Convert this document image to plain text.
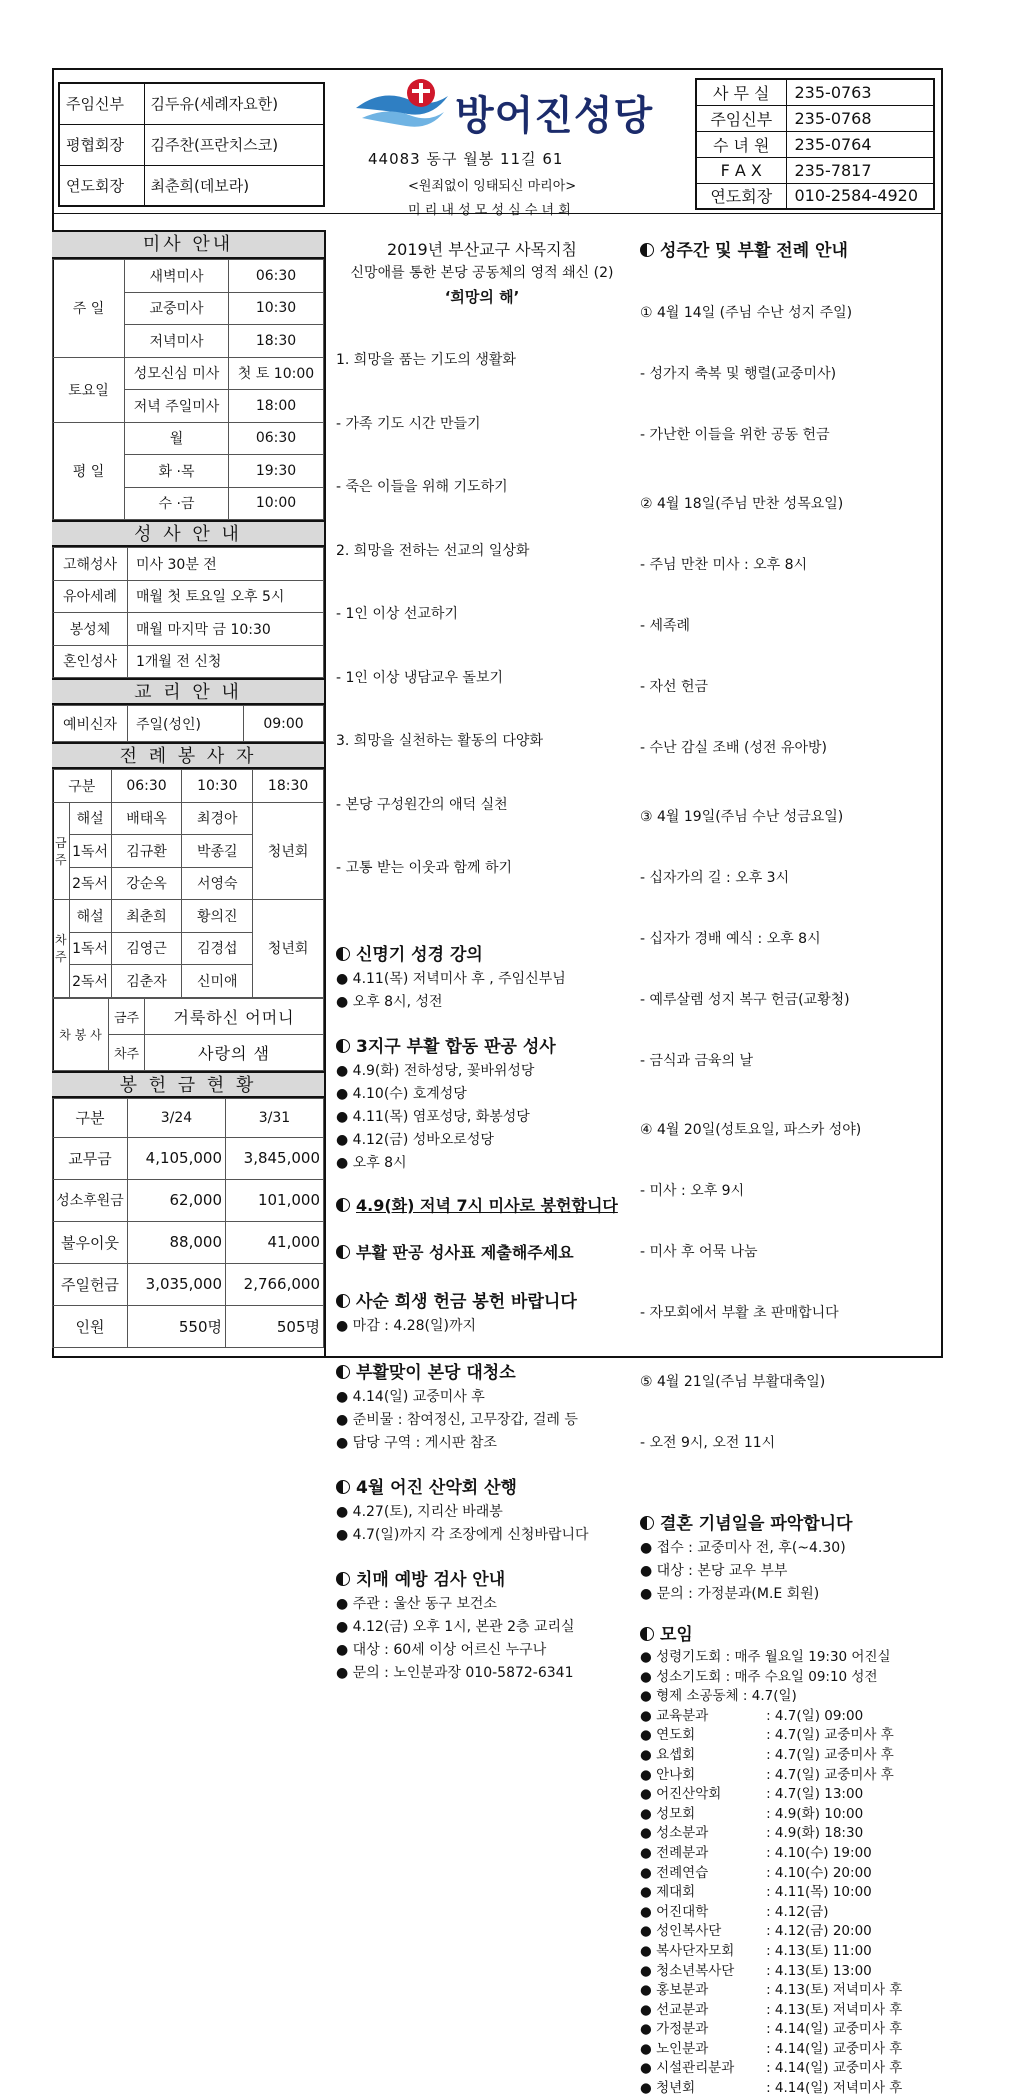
주임신부	김두유(세례자요한)
평협회장	김주찬(프란치스코)
연도회장	최춘희(데보라)
방어진성당
44083 동구 월봉 11길 61
<원죄없이 잉태되신 마리아>
미 리 내 성 모 성 심 수 녀 회
사 무 실	235-0763
주임신부	235-0768
수 녀 원	235-0764
F A X	235-7817
연도회장	010-2584-4920
미사 안내
주 일	새벽미사	06:30
	교중미사	10:30
	저녁미사	18:30
토요일	성모신심 미사	첫 토 10:00
	저녁 주일미사	18:00
평 일	월	06:30
	화 ·목	19:30
	수 ·금	10:00
성 사 안 내
고해성사	미사 30분 전
유아세례	매월 첫 토요일 오후 5시
봉성체	매월 마지막 금 10:30
혼인성사	1개월 전 신청
교 리 안 내
예비신자	주일(성인)	09:00
전 례 봉 사 자
구분		06:30	10:30	18:30
금 주	해설	배태옥	최경아	청년회
	1독서	김규환	박종길	
	2독서	강순옥	서영숙	
차 주	해설	최춘희	황의진	청년회
	1독서	김영근	김경섭	
	2독서	김춘자	신미애	
차 봉 사	금주	거룩하신 어머니
	차주	사랑의 샘
봉 헌 금 현 황
구분	3/24	3/31
교무금	4,105,000	3,845,000
성소후원금	62,000	101,000
불우이웃	88,000	41,000
주일헌금	3,035,000	2,766,000
인원	550명	505명
2019년 부산교구 사목지침
신망애를 통한 본당 공동체의 영적 쇄신 (2)
‘희망의 해’

1. 희망을 품는 기도의 생활화

- 가족 기도 시간 만들기

- 죽은 이들을 위해 기도하기

2. 희망을 전하는 선교의 일상화

- 1인 이상 선교하기

- 1인 이상 냉담교우 돌보기

3. 희망을 실천하는 활동의 다양화

- 본당 구성원간의 애덕 실천

- 고통 받는 이웃과 함께 하기

신명기 성경 강의
● 4.11(목) 저녁미사 후 , 주임신부님
● 오후 8시, 성전
3지구 부활 합동 판공 성사
● 4.9(화) 전하성당, 꽃바위성당
● 4.10(수) 호계성당
● 4.11(목) 염포성당, 화봉성당
● 4.12(금) 성바오로성당
● 오후 8시
4.9(화) 저녁 7시 미사로 봉헌합니다
부활 판공 성사표 제출해주세요
사순 희생 헌금 봉헌 바랍니다
● 마감 : 4.28(일)까지
부활맞이 본당 대청소
● 4.14(일) 교중미사 후
● 준비물 : 참여정신, 고무장갑, 걸레 등
● 담당 구역 : 게시판 참조
4월 어진 산악회 산행
● 4.27(토), 지리산 바래봉
● 4.7(일)까지 각 조장에게 신청바랍니다
치매 예방 검사 안내
● 주관 : 울산 동구 보건소
● 4.12(금) 오후 1시, 본관 2층 교리실
● 대상 : 60세 이상 어르신 누구나
● 문의 : 노인분과장 010-5872-6341
성주간 및 부활 전례 안내

① 4월 14일 (주님 수난 성지 주일)

- 성가지 축복 및 행렬(교중미사)

- 가난한 이들을 위한 공동 헌금

② 4월 18일(주님 만찬 성목요일)

- 주님 만찬 미사 : 오후 8시

- 세족례

- 자선 헌금

- 수난 감실 조배 (성전 유아방)

③ 4월 19일(주님 수난 성금요일)

- 십자가의 길 : 오후 3시

- 십자가 경배 예식 : 오후 8시

- 예루살렘 성지 복구 헌금(교황청)

- 금식과 금육의 날

④ 4월 20일(성토요일, 파스카 성야)

- 미사 : 오후 9시

- 미사 후 어묵 나눔

- 자모회에서 부활 초 판매합니다

⑤ 4월 21일(주님 부활대축일)

- 오전 9시, 오전 11시

결혼 기념일을 파악합니다
● 접수 : 교중미사 전, 후(~4.30)
● 대상 : 본당 교우 부부
● 문의 : 가정분과(M.E 회원)
모임
● 성령기도회 : 매주 월요일 19:30 어진실
● 성소기도회 : 매주 수요일 09:10 성전
● 형제 소공동체 : 4.7(일)
● 교육분과	: 4.7(일) 09:00
● 연도회	: 4.7(일) 교중미사 후
● 요셉회	: 4.7(일) 교중미사 후
● 안나회	: 4.7(일) 교중미사 후
● 어진산악회	: 4.7(일) 13:00
● 성모회	: 4.9(화) 10:00
● 성소분과	: 4.9(화) 18:30
● 전례분과	: 4.10(수) 19:00
● 전례연습	: 4.10(수) 20:00
● 제대회	: 4.11(목) 10:00
● 어진대학	: 4.12(금)
● 성인복사단	: 4.12(금) 20:00
● 복사단자모회 : 4.13(토) 11:00
● 청소년복사단 : 4.13(토) 13:00
● 홍보분과	: 4.13(토) 저녁미사 후
● 선교분과	: 4.13(토) 저녁미사 후
● 가정분과	: 4.14(일) 교중미사 후
● 노인분과	: 4.14(일) 교중미사 후
● 시설관리분과 : 4.14(일) 교중미사 후
● 청년회	: 4.14(일) 저녁미사 후
